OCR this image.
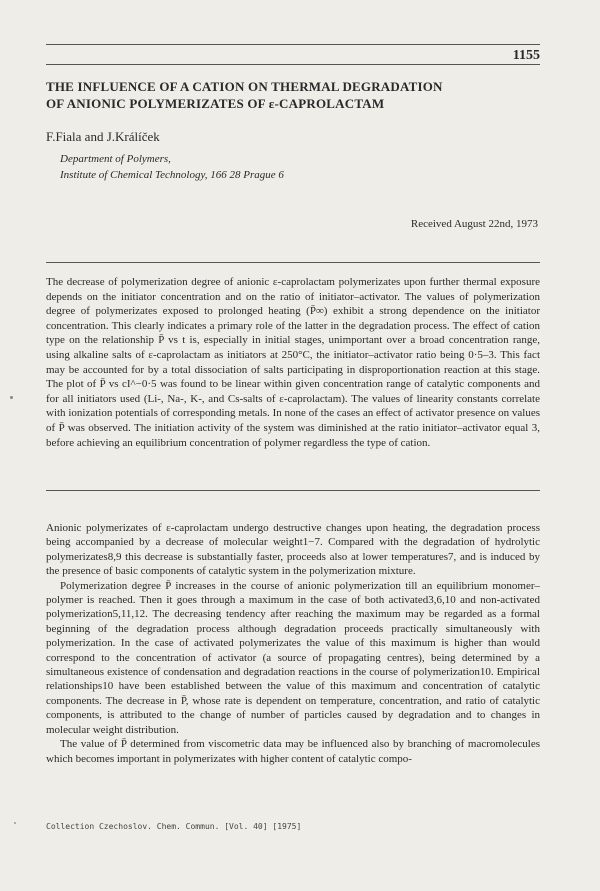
1155
THE INFLUENCE OF A CATION ON THERMAL DEGRADATION
OF ANIONIC POLYMERIZATES OF ε-CAPROLACTAM
F.Fiala and J.Králíček
Department of Polymers,
Institute of Chemical Technology, 166 28 Prague 6
Received August 22nd, 1973
The decrease of polymerization degree of anionic ε-caprolactam polymerizates upon further thermal exposure depends on the initiator concentration and on the ratio of initiator–activator. The values of polymerization degree of polymerizates exposed to prolonged heating (P̄∞) exhibit a strong dependence on the initiator concentration. This clearly indicates a primary role of the latter in the degradation process. The effect of cation type on the relationship P̄ vs t is, especially in initial stages, unimportant over a broad concentration range, using alkaline salts of ε-caprolactam as initiators at 250°C, the initiator–activator ratio being 0·5–3. This fact may be accounted for by a total dissociation of salts participating in disproportionation reaction at this stage. The plot of P̄ vs cI^−0·5 was found to be linear within given concentration range of catalytic components and for all initiators used (Li-, Na-, K-, and Cs-salts of ε-caprolactam). The values of linearity constants correlate with ionization potentials of corresponding metals. In none of the cases an effect of activator presence on values of P̄ was observed. The initiation activity of the system was diminished at the ratio initiator–activator equal 3, before achieving an equilibrium concentration of polymer regardless the type of cation.

Anionic polymerizates of ε-caprolactam undergo destructive changes upon heating, the degradation process being accompanied by a decrease of molecular weight1−7. Compared with the degradation of hydrolytic polymerizates8,9 this decrease is substantially faster, proceeds also at lower temperatures7, and is induced by the presence of basic components of catalytic system in the polymerization mixture.

Polymerization degree P̄ increases in the course of anionic polymerization till an equilibrium monomer–polymer is reached. Then it goes through a maximum in the case of both activated3,6,10 and non-activated polymerization5,11,12. The decreasing tendency after reaching the maximum may be regarded as a formal beginning of the degradation process although degradation proceeds practically simultaneously with polymerization. In the case of activated polymerizates the value of this maximum is higher than would correspond to the concentration of activator (a source of propagating centres), being determined by a simultaneous existence of condensation and degradation reactions in the course of polymerization10. Empirical relationships10 have been established between the value of this maximum and concentration of catalytic components. The decrease in P̄, whose rate is dependent on temperature, concentration, and ratio of catalytic components, is attributed to the change of number of particles caused by degradation and to changes in molecular weight distribution.

The value of P̄ determined from viscometric data may be influenced also by branching of macromolecules which becomes important in polymerizates with higher content of catalytic compo-

Collection Czechoslov. Chem. Commun. [Vol. 40] [1975]
